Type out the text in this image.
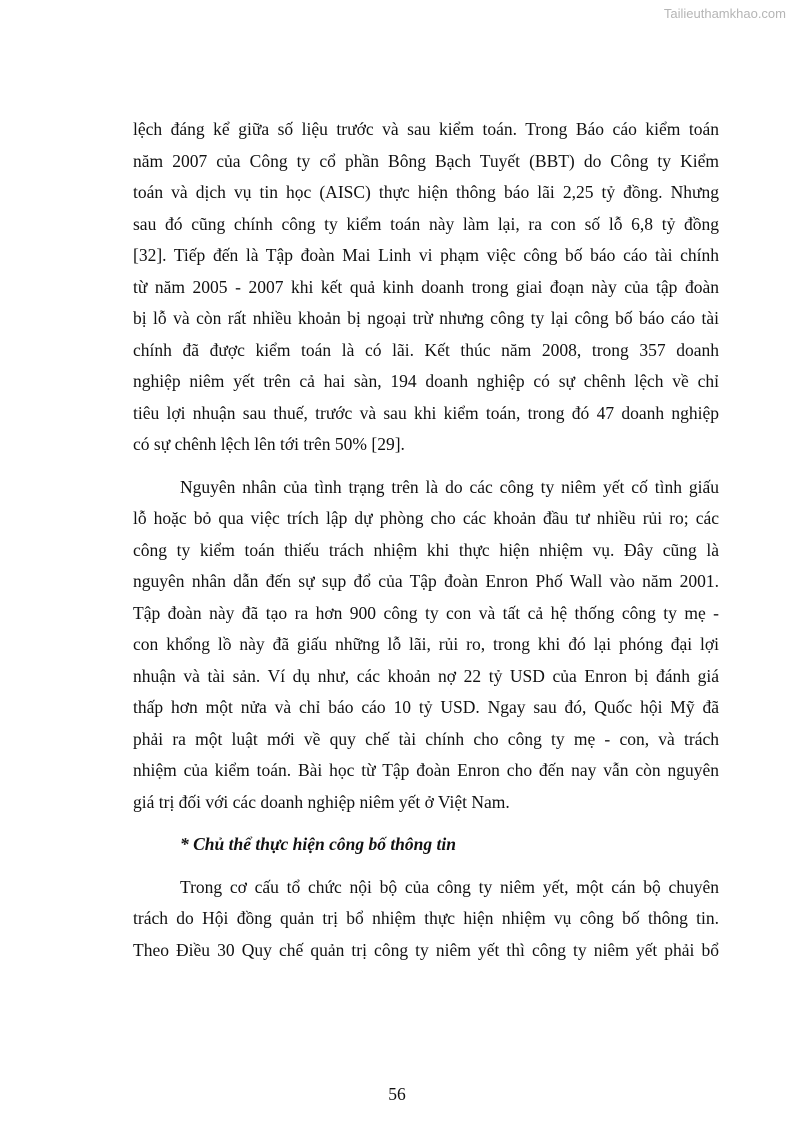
Tailieuthamkhao.com
lệch đáng kể giữa số liệu trước và sau kiểm toán. Trong Báo cáo kiểm toán
năm 2007 của Công ty cổ phần Bông Bạch Tuyết (BBT) do Công ty Kiểm
toán và dịch vụ tin học (AISC) thực hiện thông báo lãi 2,25 tỷ đồng. Nhưng
sau đó cũng chính công ty kiểm toán này làm lại, ra con số lỗ 6,8 tỷ đồng
[32]. Tiếp đến là Tập đoàn Mai Linh vi phạm việc công bố báo cáo tài chính
từ năm 2005 - 2007 khi kết quả kinh doanh trong giai đoạn này của tập đoàn
bị lỗ và còn rất nhiều khoản bị ngoại trừ nhưng công ty lại công bố báo cáo tài
chính đã được kiểm toán là có lãi. Kết thúc năm 2008, trong 357 doanh
nghiệp niêm yết trên cả hai sàn, 194 doanh nghiệp có sự chênh lệch về chỉ
tiêu lợi nhuận sau thuế, trước và sau khi kiểm toán, trong đó 47 doanh nghiệp
có sự chênh lệch lên tới trên 50% [29].
Nguyên nhân của tình trạng trên là do các công ty niêm yết cố tình giấu
lỗ hoặc bỏ qua việc trích lập dự phòng cho các khoản đầu tư nhiều rủi ro; các
công ty kiểm toán thiếu trách nhiệm khi thực hiện nhiệm vụ. Đây cũng là
nguyên nhân dẫn đến sự sụp đổ của Tập đoàn Enron Phố Wall vào năm 2001.
Tập đoàn này đã tạo ra hơn 900 công ty con và tất cả hệ thống công ty mẹ -
con khổng lồ này đã giấu những lỗ lãi, rủi ro, trong khi đó lại phóng đại lợi
nhuận và tài sản. Ví dụ như, các khoản nợ 22 tỷ USD của Enron bị đánh giá
thấp hơn một nửa và chỉ báo cáo 10 tỷ USD. Ngay sau đó, Quốc hội Mỹ đã
phải ra một luật mới về quy chế tài chính cho công ty mẹ - con, và trách
nhiệm của kiểm toán. Bài học từ Tập đoàn Enron cho đến nay vẫn còn nguyên
giá trị đối với các doanh nghiệp niêm yết ở Việt Nam.
* Chủ thể thực hiện công bố thông tin
Trong cơ cấu tổ chức nội bộ của công ty niêm yết, một cán bộ chuyên
trách do Hội đồng quản trị bổ nhiệm thực hiện nhiệm vụ công bố thông tin.
Theo Điều 30 Quy chế quản trị công ty niêm yết thì công ty niêm yết phải bổ
56
